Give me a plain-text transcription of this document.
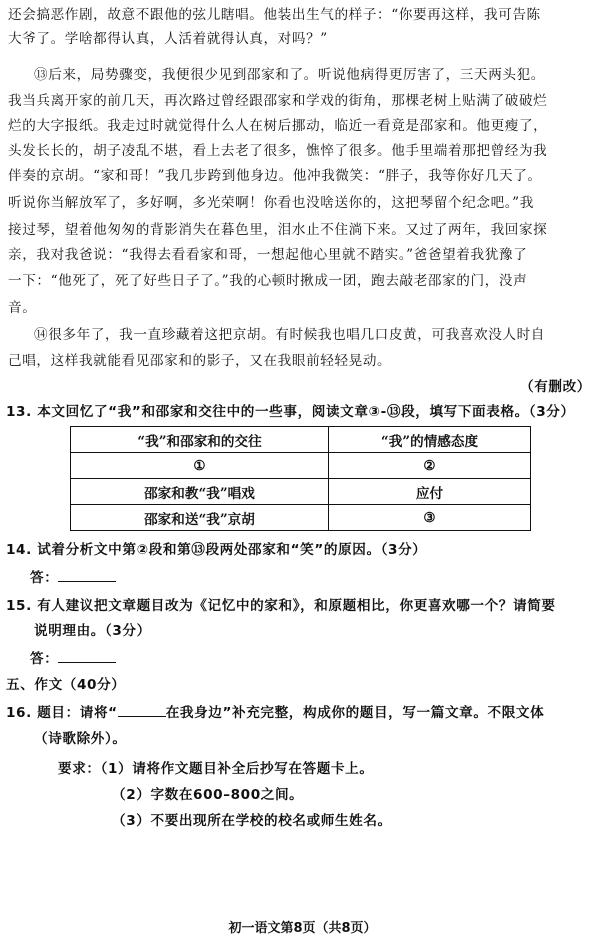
还会搞恶作剧，故意不跟他的弦儿瞎唱。他装出生气的样子：“你要再这样，我可告陈
大爷了。学啥都得认真，人活着就得认真，对吗？”
⑬后来，局势骤变，我便很少见到邵家和了。听说他病得更厉害了，三天两头犯。
我当兵离开家的前几天，再次路过曾经跟邵家和学戏的街角，那棵老树上贴满了破破烂
烂的大字报纸。我走过时就觉得什么人在树后挪动，临近一看竟是邵家和。他更瘦了，
头发长长的，胡子凌乱不堪，看上去老了很多，憔悴了很多。他手里端着那把曾经为我
伴奏的京胡。“家和哥！”我几步跨到他身边。他冲我微笑：“胖子，我等你好几天了。
听说你当解放军了，多好啊，多光荣啊！你看也没啥送你的，这把琴留个纪念吧。”我
接过琴，望着他匆匆的背影消失在暮色里，泪水止不住淌下来。又过了两年，我回家探
亲，我对我爸说：“我得去看看家和哥，一想起他心里就不踏实。”爸爸望着我犹豫了
一下：“他死了，死了好些日子了。”我的心顿时揪成一团，跑去敲老邵家的门，没声
音。
⑭很多年了，我一直珍藏着这把京胡。有时候我也唱几口皮黄，可我喜欢没人时自
己唱，这样我就能看见邵家和的影子，又在我眼前轻轻晃动。
（有删改）
13. 本文回忆了“我”和邵家和交往中的一些事，阅读文章③-⑬段，填写下面表格。（3分）
“我”和邵家和的交往	“我”的情感态度
①	②
邵家和教“我”唱戏	应付
邵家和送“我”京胡	③
14. 试着分析文中第②段和第⑬段两处邵家和“笑”的原因。（3分）
答：
15. 有人建议把文章题目改为《记忆中的家和》，和原题相比，你更喜欢哪一个？请简要
说明理由。（3分）
答：
五、作文（40分）
16. 题目：请将“	在我身边”补充完整，构成你的题目，写一篇文章。不限文体
（诗歌除外）。
要求：（1）请将作文题目补全后抄写在答题卡上。
（2）字数在600–800之间。
（3）不要出现所在学校的校名或师生姓名。
初一语文第8页（共8页）
